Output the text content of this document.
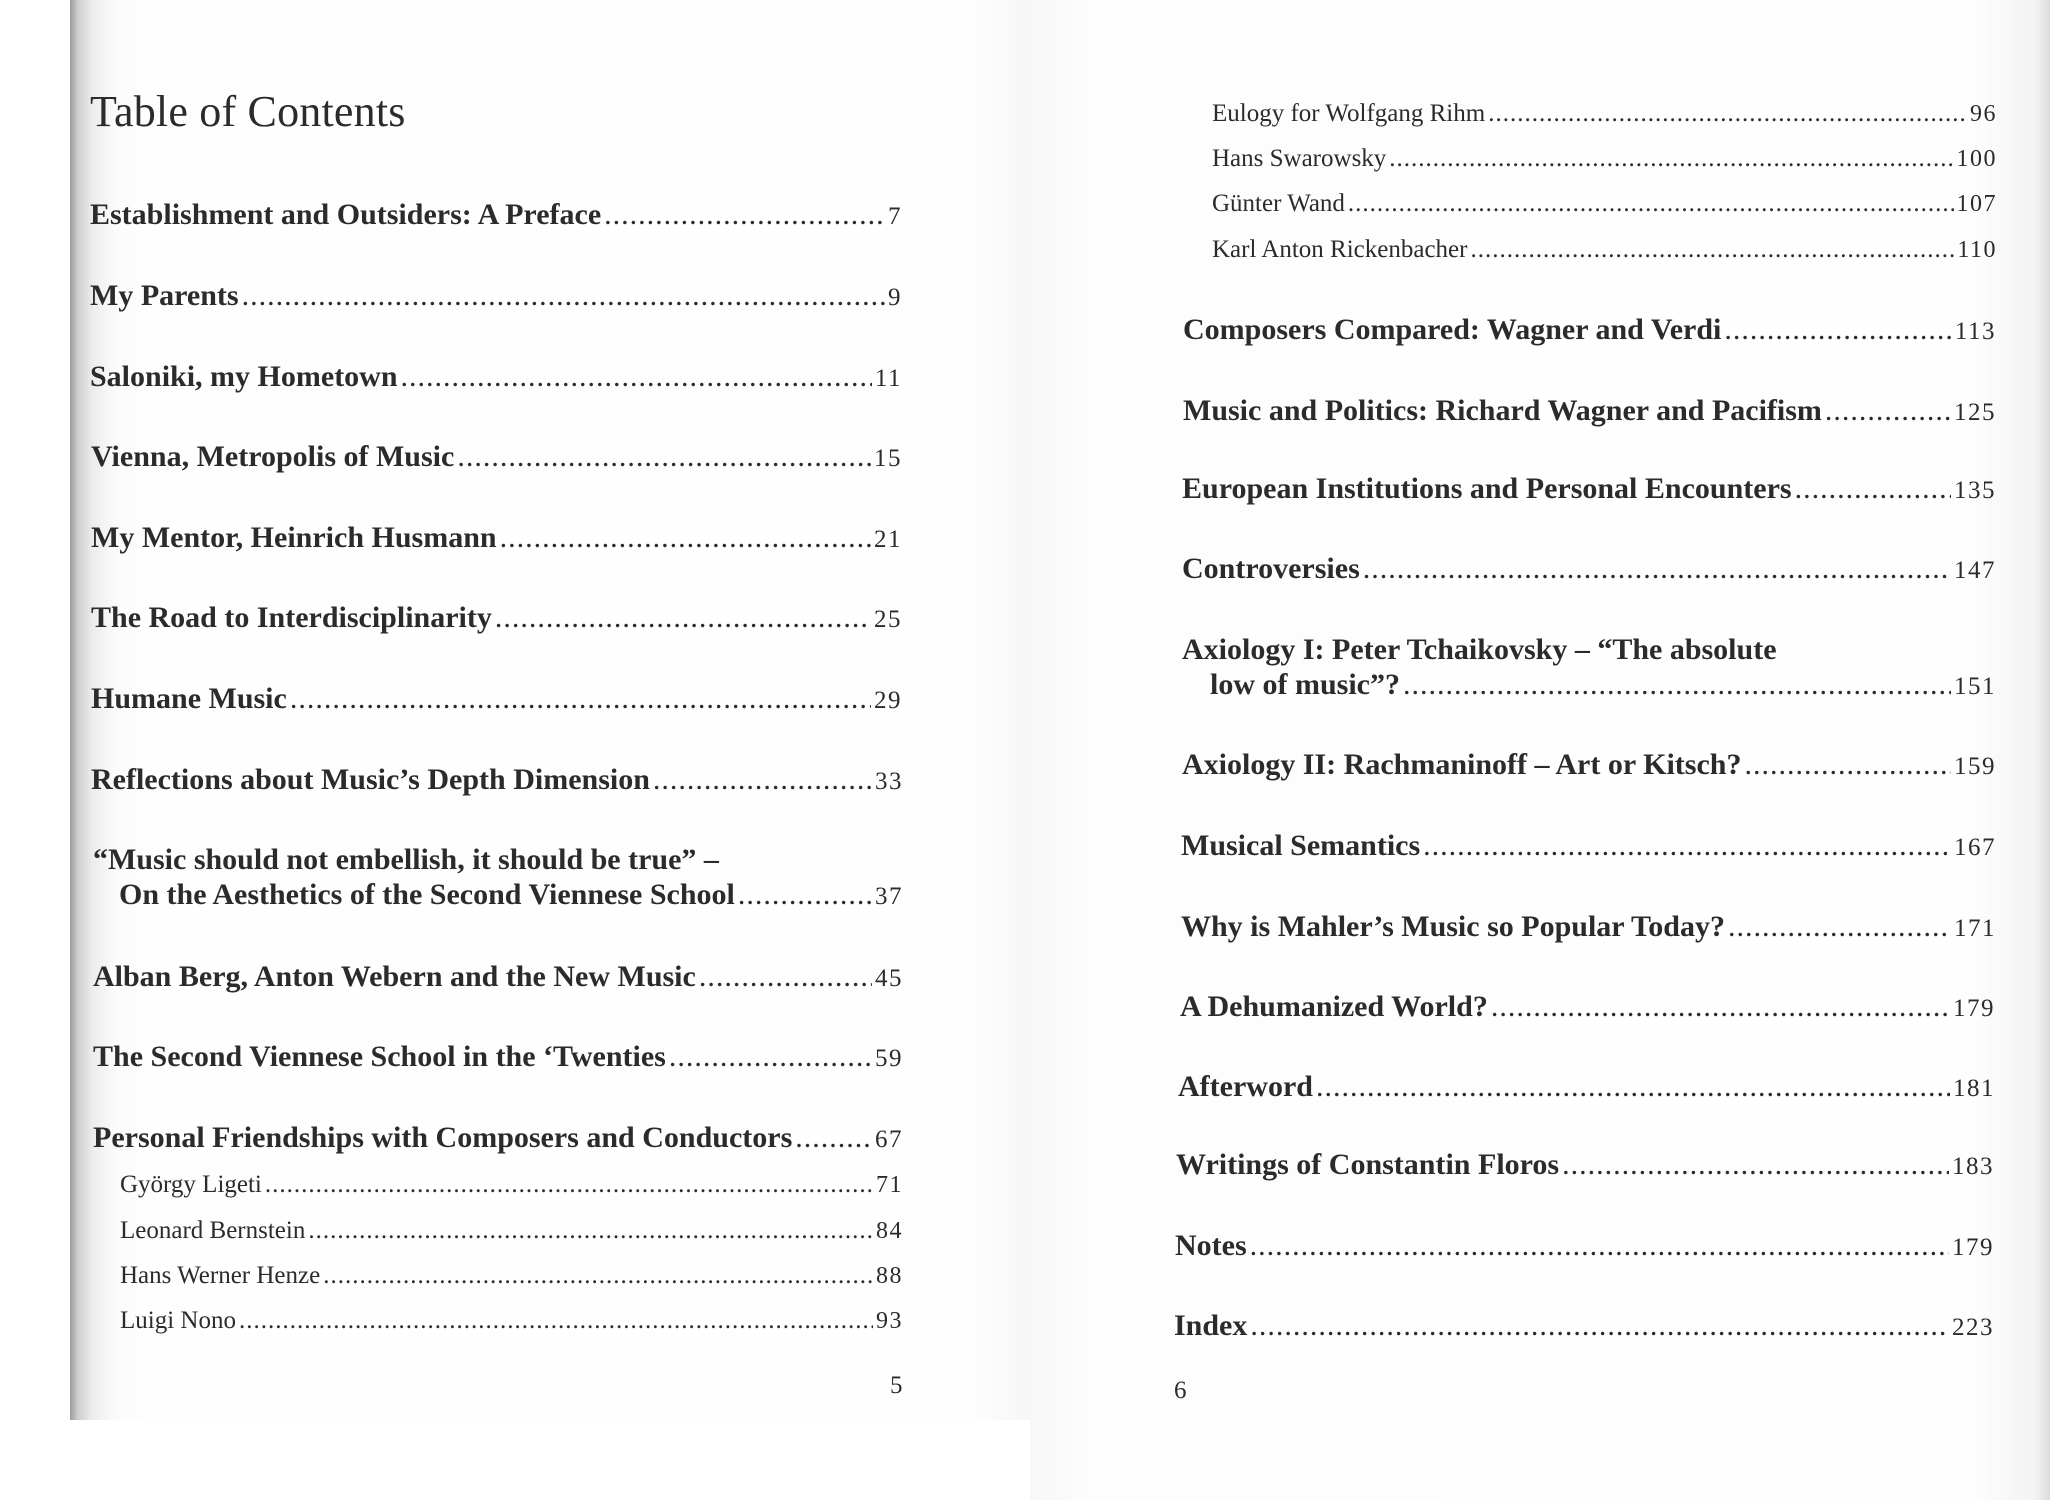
Table of Contents
Establishment and Outsiders: A Preface .....	7
My Parents .....	9
Saloniki, my Hometown .....	11
Vienna, Metropolis of Music .....	15
My Mentor, Heinrich Husmann .....	21
The Road to Interdisciplinarity .....	25
Humane Music .....	29
Reflections about Music’s Depth Dimension .....	33
“Music should not embellish, it should be true” –
On the Aesthetics of the Second Viennese School .....	37
Alban Berg, Anton Webern and the New Music .....	45
The Second Viennese School in the ‘Twenties .....	59
Personal Friendships with Composers and Conductors .....	67
György Ligeti .....	71
Leonard Bernstein .....	84
Hans Werner Henze .....	88
Luigi Nono .....	93
5
Eulogy for Wolfgang Rihm .....	96
Hans Swarowsky .....	100
Günter Wand .....	107
Karl Anton Rickenbacher .....	110
Composers Compared: Wagner and Verdi .....	113
Music and Politics: Richard Wagner and Pacifism .....	125
European Institutions and Personal Encounters .....	135
Controversies .....	147
Axiology I: Peter Tchaikovsky – “The absolute
low of music”? .....	151
Axiology II: Rachmaninoff – Art or Kitsch? .....	159
Musical Semantics .....	167
Why is Mahler’s Music so Popular Today? .....	171
A Dehumanized World? .....	179
Afterword .....	181
Writings of Constantin Floros .....	183
Notes .....	179
Index .....	223
6
